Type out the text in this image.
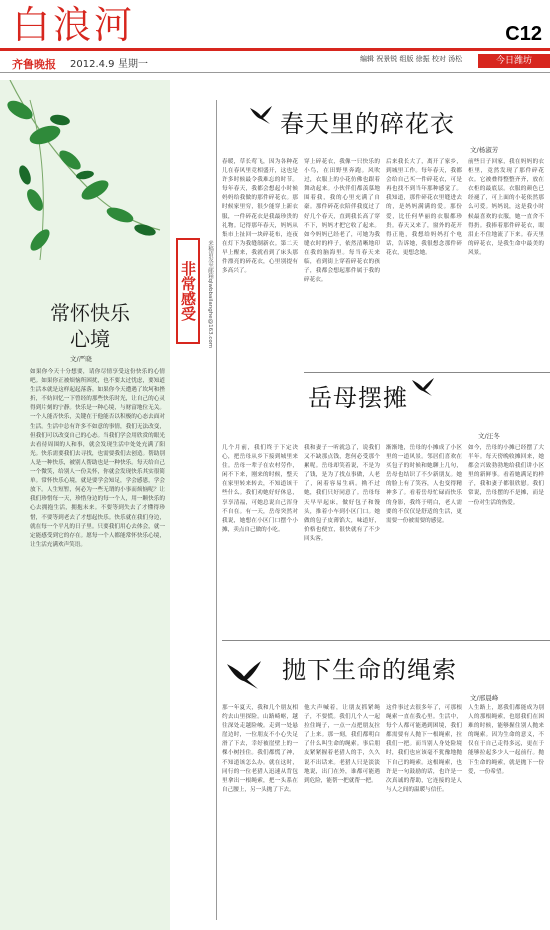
白浪河	C12
齐鲁晚报 2012.4.9 星期一	编辑 祝景锐 组版 徐振 校对 汤松	今日潍坊
常怀快乐心境
文/严晓
如果你今天十分想要，请你尽情享受这份快乐的心情吧。如果你正被烦恼所困扰，也不要太过忧虑，要知道生活本就是这样起起落落。如果你今天遭遇了坎坷和挫折，不妨回忆一下曾经的那些快乐时光，让自己的心灵得到片刻的宁静。快乐是一种心境，与财富地位无关。一个人能否快乐，关键在于他能否以积极的心态去面对生活。生活中总有许多不如意的事情，我们无法改变，但我们可以改变自己的心态。当我们学会用欣赏的眼光去看待周围的人和事，就会发现生活中处处充满了阳光。快乐需要我们去寻找，也需要我们去创造。帮助别人是一种快乐，被别人帮助也是一种快乐。每天给自己一个微笑，给别人一份关怀，你就会发现快乐其实很简单。常怀快乐心境，就是要学会知足，学会感恩，学会放下。人生短暂，何必为一些无谓的小事而烦恼呢？让我们珍惜每一天，珍惜身边的每一个人，用一颗快乐的心去拥抱生活，拥抱未来。不要等到失去了才懂得珍惜，不要等到老去了才想起快乐。快乐就在我们身边，就在每一个平凡的日子里。只要我们用心去体会，就一定能感受到它的存在。愿每一个人都能常怀快乐心境，让生活充满欢声笑语。
非常感受	来稿请发至邮箱qlwbbailanghe@163.com
春天里的碎花衣
文/杨淑芳
春暖，草长莺飞，因为各种花儿在春风里竞相盛开，这也是许多时候最令我难忘的时节。每年春天，我都会想起小时候妈妈给我做的那件碎花衣。那时候家里穷，很少能穿上新衣服，一件碎花衣是我最珍贵的礼物。记得那年春天，妈妈从集市上扯回一块碎花布，连夜在灯下为我缝制新衣。第二天早上醒来，我就看到了床头那件漂亮的碎花衣，心里别提有多高兴了。
穿上碎花衣，我像一只快乐的小鸟，在田野里奔跑。风吹过，衣服上的小花仿佛也跟着舞动起来。小伙伴们都羡慕地围着我，我的心里充满了自豪。那件碎花衣陪伴我度过了好几个春天，直到我长高了穿不下，妈妈才把它收了起来。如今妈妈已经老了，可她为我缝衣时的样子，依然清晰地印在我的脑海里。每当春天来临，看到街上穿着碎花衣的孩子，我都会想起那件属于我的碎花衣。
后来我长大了，离开了家乡，到城里工作。每年春天，我都会给自己买一件碎花衣，可是再也找不到当年那种感觉了。我知道，那件碎花衣里缝进去的，是妈妈满满的爱。那份爱，比任何华丽的衣服都珍贵。春天又来了，窗外的花开得正艳，我想给妈妈打个电话，告诉她，我很想念那件碎花衣，更想念她。
前些日子回家，我在妈妈的衣柜里，竟然发现了那件碎花衣。它被叠得整整齐齐，放在衣柜的最底层。衣服的颜色已经褪了，可上面的小花依然那么可爱。妈妈说，这是我小时候最喜欢的衣服，她一直舍不得扔。我捧着那件碎花衣，眼泪止不住地流了下来。春天里的碎花衣，是我生命中最美的风景。
岳母摆摊
文/汪冬
几个月前，我们终于下定决心，把岳母从乡下接到城里来住。岳母一辈子在农村劳作，闲不下来，刚来的时候，整天在家里转来转去，不知道该干些什么。我们劝她好好休息，享享清福，可她总说自己浑身不自在。有一天，岳母突然对我说，她想在小区门口摆个小摊，卖点自己做的小吃。
我和妻子一听就急了，说我们又不缺那点钱，您何必受那个累呢。岳母却笑着说，不是为了钱，是为了找点事做，人老了，闲着容易生病。拗不过她，我们只好同意了。岳母每天早早起床，做好包子和馒头，推着小车到小区门口。她做的包子皮薄馅大，味道好，价格也便宜，很快就有了不少回头客。
渐渐地，岳母的小摊成了小区里的一道风景。邻居们喜欢在买包子的时候和她聊上几句，岳母也结识了不少新朋友。她的脸上有了笑容，人也变得精神多了。看着岳母忙碌而快乐的身影，我终于明白，老人需要的不仅仅是舒适的生活，更需要一份被需要的感觉。
如今，岳母的小摊已经摆了大半年。每天傍晚收摊回来，她都会兴致勃勃地给我们讲小区里的新鲜事。看着她满足的样子，我和妻子都很欣慰。我们常说，岳母摆的不是摊，而是一份对生活的热爱。
抛下生命的绳索
文/邢晨峰
那一年夏天，我和几个朋友相约去山里探险。山路崎岖，越往深处走越险峻。走到一处悬崖边时，一位朋友不小心失足滑了下去，幸好被崖壁上的一棵小树挂住。我们都慌了神，不知道该怎么办。就在这时，同行的一位老猎人迅速从背包里拿出一根绳索，把一头系在自己腰上，另一头抛了下去。
他大声喊着，让朋友抓紧绳子，不要慌。我们几个人一起拉住绳子，一点一点把朋友拉了上来。那一刻，我们都明白了什么叫生命的绳索。事后朋友紧紧握着老猎人的手，久久说不出话来。老猎人只是淡淡地说，出门在外，谁都可能遇到危险，能帮一把就帮一把。
这件事过去很多年了，可那根绳索一直在我心里。生活中，每个人都可能遇到困境，我们都需要有人抛下一根绳索，拉我们一把。而当别人身处险境时，我们也应该毫不犹豫地抛下自己的绳索。这根绳索，也许是一句鼓励的话，也许是一次真诚的帮助，它连接的是人与人之间的温暖与信任。
人生路上，愿我们都能成为别人的那根绳索，也愿我们在困难的时候，能够握住别人抛来的绳索。因为生命的意义，不仅在于自己走得多远，更在于能够拉起多少人一起前行。抛下生命的绳索，就是抛下一份爱，一份希望。
